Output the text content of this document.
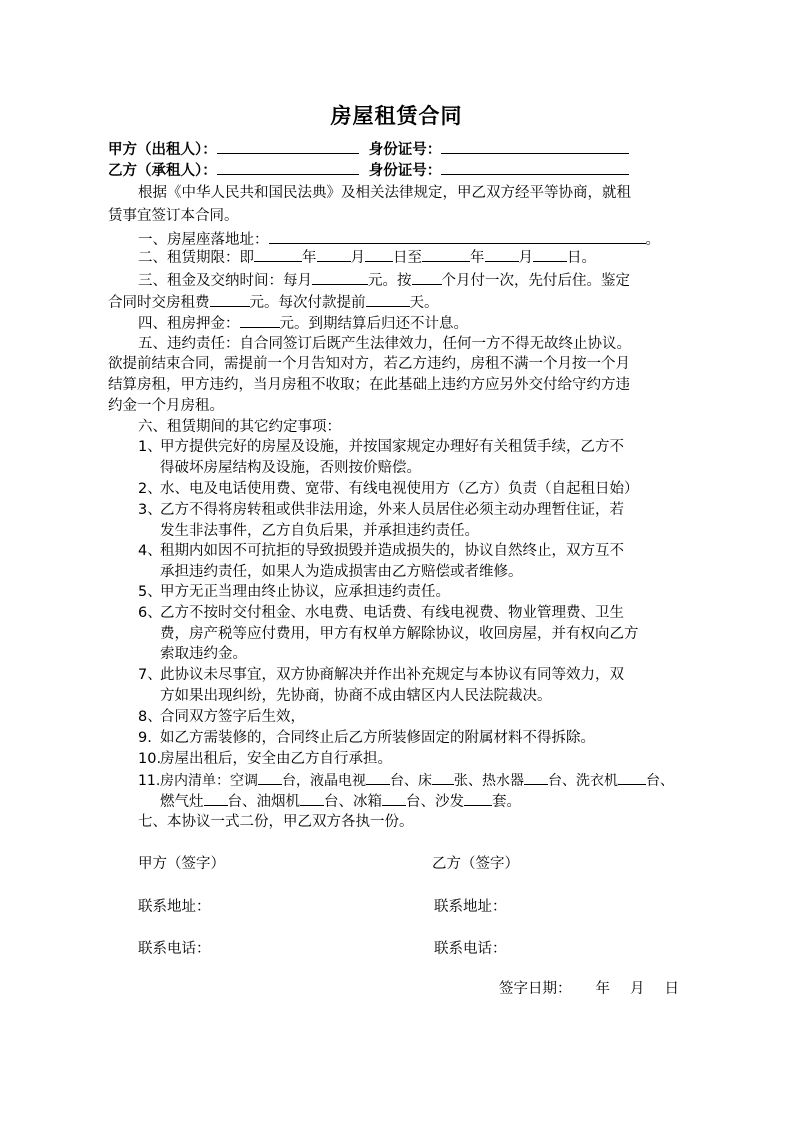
房屋租赁合同
甲方（出租人）：	身份证号：
乙方（承租人）：	身份证号：
根据《中华人民共和国民法典》及相关法律规定，甲乙双方经平等协商，就租
赁事宜签订本合同。
一、房屋座落地址：	。
二、租赁期限：即	年 月 日至	年 月 日。
三、租金及交纳时间：每月	元。按 个月付一次，先付后住。鉴定
合同时交房租费	元。每次付款提前	天。
四、租房押金：	元。到期结算后归还不计息。
五、违约责任：自合同签订后既产生法律效力，任何一方不得无故终止协议。
欲提前结束合同，需提前一个月告知对方，若乙方违约，房租不满一个月按一个月
结算房租，甲方违约，当月房租不收取；在此基础上违约方应另外交付给守约方违
约金一个月房租。
六、租赁期间的其它约定事项：
1、甲方提供完好的房屋及设施，并按国家规定办理好有关租赁手续，乙方不
得破坏房屋结构及设施，否则按价赔偿。
2、水、电及电话使用费、宽带、有线电视使用方（乙方）负责（自起租日始）
3、乙方不得将房转租或供非法用途，外来人员居住必须主动办理暂住证，若
发生非法事件，乙方自负后果，并承担违约责任。
4、租期内如因不可抗拒的导致损毁并造成损失的，协议自然终止，双方互不
承担违约责任，如果人为造成损害由乙方赔偿或者维修。
5、甲方无正当理由终止协议，应承担违约责任。
6、乙方不按时交付租金、水电费、电话费、有线电视费、物业管理费、卫生
费，房产税等应付费用，甲方有权单方解除协议，收回房屋，并有权向乙方
索取违约金。
7、此协议未尽事宜，双方协商解决并作出补充规定与本协议有同等效力，双
方如果出现纠纷，先协商，协商不成由辖区内人民法院裁决。
8、合同双方签字后生效，
9. 如乙方需装修的，合同终止后乙方所装修固定的附属材料不得拆除。
10.房屋出租后，安全由乙方自行承担。
11.房内清单：空调 台，液晶电视 台、床 张、热水器 台、洗衣机 台、
燃气灶 台、油烟机 台、冰箱 台、沙发 套。
七、本协议一式二份，甲乙双方各执一份。
甲方（签字）	乙方（签字）
联系地址：	联系地址：
联系电话：	联系电话：
签字日期： 年 月 日
